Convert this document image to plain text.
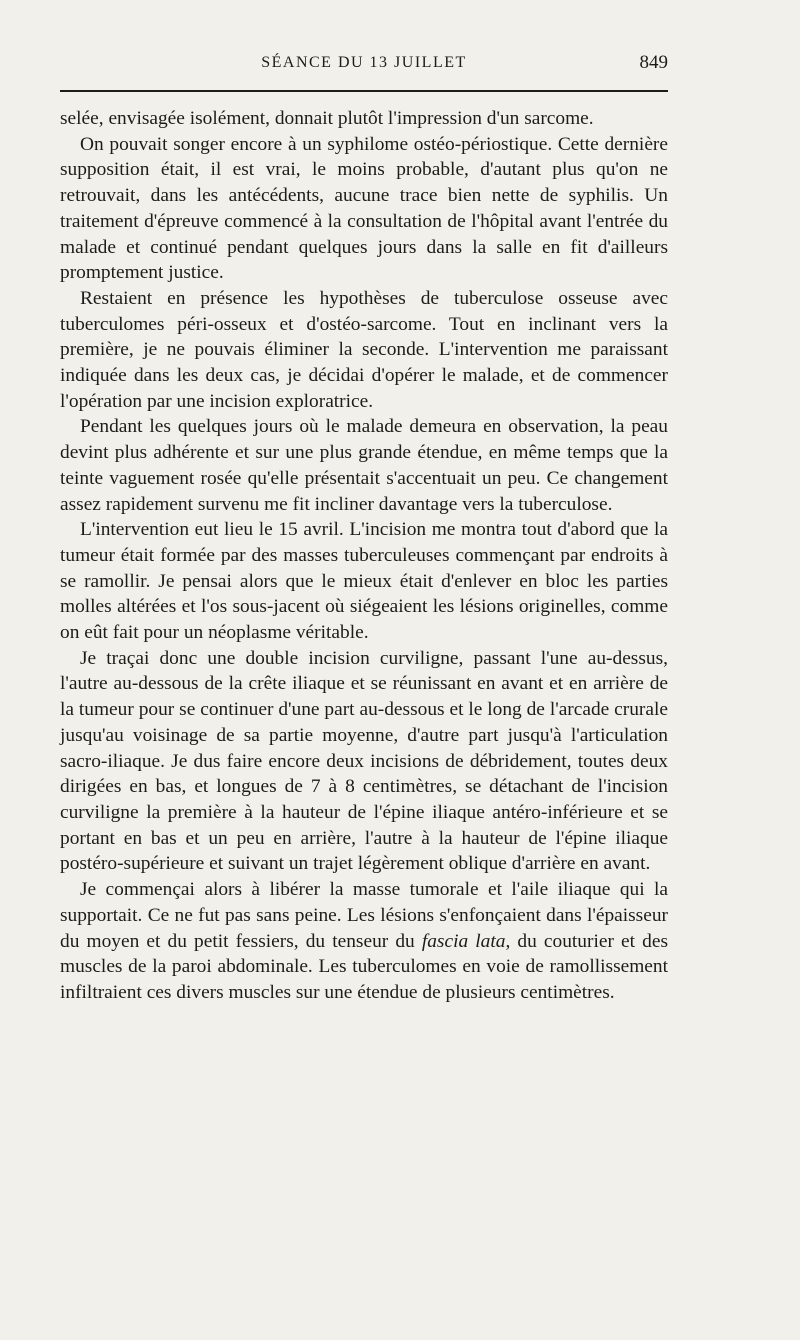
SÉANCE DU 13 JUILLET	849

selée, envisagée isolément, donnait plutôt l'impression d'un sarcome.

On pouvait songer encore à un syphilome ostéo-périostique. Cette dernière supposition était, il est vrai, le moins probable, d'autant plus qu'on ne retrouvait, dans les antécédents, aucune trace bien nette de syphilis. Un traitement d'épreuve commencé à la consultation de l'hôpital avant l'entrée du malade et continué pendant quelques jours dans la salle en fit d'ailleurs promptement justice.

Restaient en présence les hypothèses de tuberculose osseuse avec tuberculomes péri-osseux et d'ostéo-sarcome. Tout en inclinant vers la première, je ne pouvais éliminer la seconde. L'intervention me paraissant indiquée dans les deux cas, je décidai d'opérer le malade, et de commencer l'opération par une incision exploratrice.

Pendant les quelques jours où le malade demeura en observation, la peau devint plus adhérente et sur une plus grande étendue, en même temps que la teinte vaguement rosée qu'elle présentait s'accentuait un peu. Ce changement assez rapidement survenu me fit incliner davantage vers la tuberculose.

L'intervention eut lieu le 15 avril. L'incision me montra tout d'abord que la tumeur était formée par des masses tuberculeuses commençant par endroits à se ramollir. Je pensai alors que le mieux était d'enlever en bloc les parties molles altérées et l'os sous-jacent où siégeaient les lésions originelles, comme on eût fait pour un néoplasme véritable.

Je traçai donc une double incision curviligne, passant l'une au-dessus, l'autre au-dessous de la crête iliaque et se réunissant en avant et en arrière de la tumeur pour se continuer d'une part au-dessous et le long de l'arcade crurale jusqu'au voisinage de sa partie moyenne, d'autre part jusqu'à l'articulation sacro-iliaque. Je dus faire encore deux incisions de débridement, toutes deux dirigées en bas, et longues de 7 à 8 centimètres, se détachant de l'incision curviligne la première à la hauteur de l'épine iliaque antéro-inférieure et se portant en bas et un peu en arrière, l'autre à la hauteur de l'épine iliaque postéro-supérieure et suivant un trajet légèrement oblique d'arrière en avant.

Je commençai alors à libérer la masse tumorale et l'aile iliaque qui la supportait. Ce ne fut pas sans peine. Les lésions s'enfonçaient dans l'épaisseur du moyen et du petit fessiers, du tenseur du fascia lata, du couturier et des muscles de la paroi abdominale. Les tuberculomes en voie de ramollissement infiltraient ces divers muscles sur une étendue de plusieurs centimètres.
